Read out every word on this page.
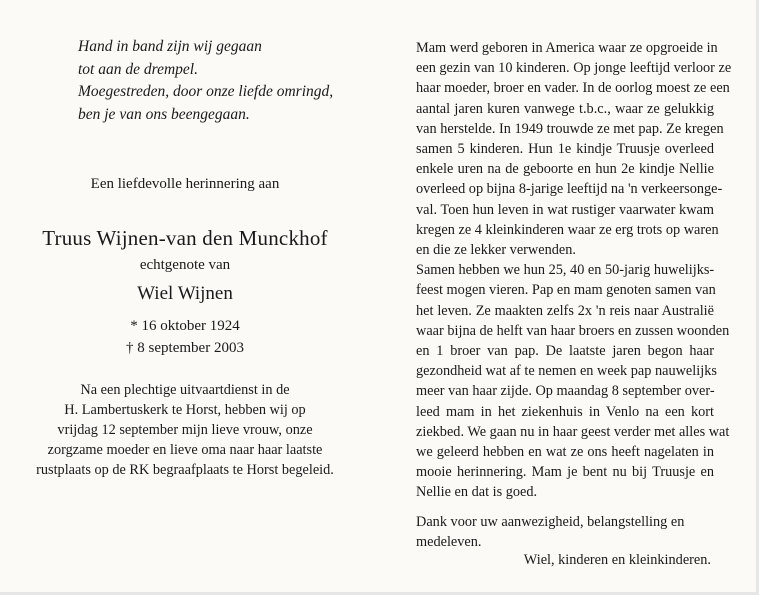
Hand in band zijn wij gegaan
tot aan de drempel.
Moegestreden, door onze liefde omringd,
ben je van ons beengegaan.
Een liefdevolle herinnering aan
Truus Wijnen-van den Munckhof
echtgenote van
Wiel Wijnen
* 16 oktober 1924
† 8 september 2003
Na een plechtige uitvaartdienst in de
H. Lambertuskerk te Horst, hebben wij op
vrijdag 12 september mijn lieve vrouw, onze
zorgzame moeder en lieve oma naar haar laatste
rustplaats op de RK begraafplaats te Horst begeleid.
Mam werd geboren in America waar ze opgroeide in
een gezin van 10 kinderen. Op jonge leeftijd verloor ze
haar moeder, broer en vader. In de oorlog moest ze een
aantal jaren kuren vanwege t.b.c., waar ze gelukkig
van herstelde. In 1949 trouwde ze met pap. Ze kregen
samen 5 kinderen. Hun 1e kindje Truusje overleed
enkele uren na de geboorte en hun 2e kindje Nellie
overleed op bijna 8-jarige leeftijd na 'n verkeersonge-
val. Toen hun leven in wat rustiger vaarwater kwam
kregen ze 4 kleinkinderen waar ze erg trots op waren
en die ze lekker verwenden.
Samen hebben we hun 25, 40 en 50-jarig huwelijks-
feest mogen vieren. Pap en mam genoten samen van
het leven. Ze maakten zelfs 2x 'n reis naar Australië
waar bijna de helft van haar broers en zussen woonden
en 1 broer van pap. De laatste jaren begon haar
gezondheid wat af te nemen en week pap nauwelijks
meer van haar zijde. Op maandag 8 september over-
leed mam in het ziekenhuis in Venlo na een kort
ziekbed. We gaan nu in haar geest verder met alles wat
we geleerd hebben en wat ze ons heeft nagelaten in
mooie herinnering. Mam je bent nu bij Truusje en
Nellie en dat is goed.
Dank voor uw aanwezigheid, belangstelling en
medeleven.
Wiel, kinderen en kleinkinderen.
